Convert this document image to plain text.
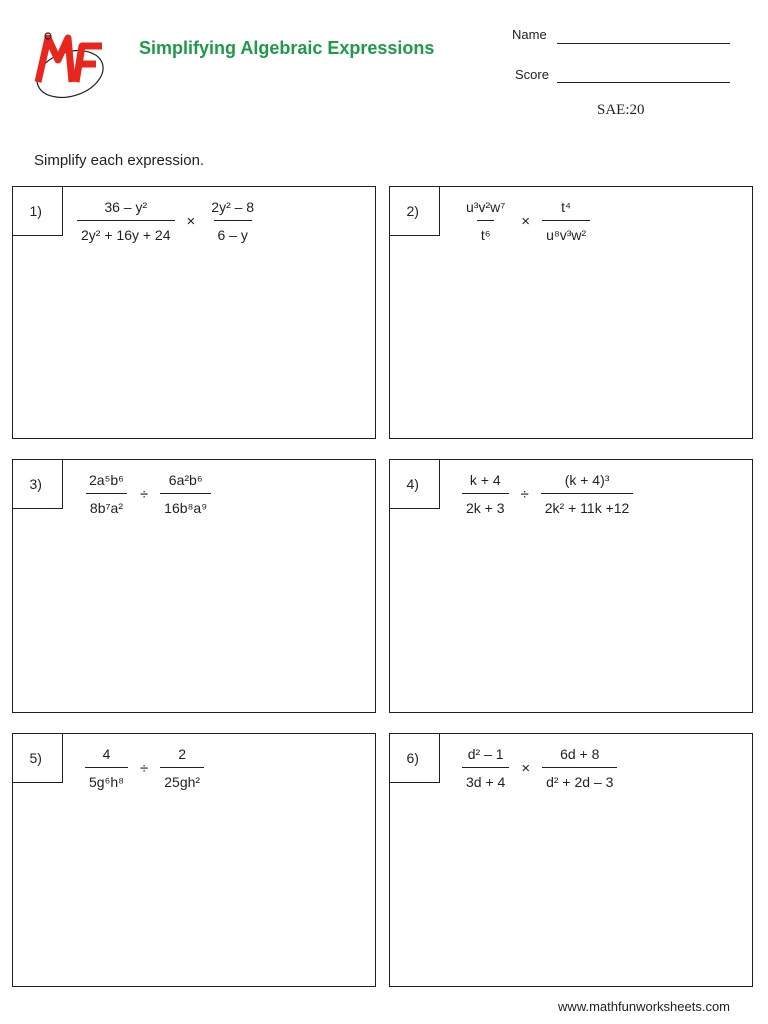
Simplifying Algebraic Expressions
Name
Score
SAE:20
Simplify each expression.
1)	$\frac{\text{36 – y²}}{\text{2y² + 16y + 24}} \times \frac{\text{2y² – 8}}{6 - y}$	2)	$\frac{\text{u³v²w⁷}}{\text{t⁶}} \times \frac{\text{t⁴}}{\text{u⁸v³w²}}$
3)	$\frac{\text{2a⁵b⁶}}{\text{8b⁷a²}} \div \frac{\text{6a²b⁶}}{\text{16b⁸a⁹}}$	4)	$\frac{k + 4}{2k + 3} \div \frac{\text{(k + 4)³}}{\text{2k² + 11k +12}}$
5)	$\frac{4}{\text{5g⁶h⁸}} \div \frac{2}{\text{25gh²}}$	6)	$\frac{\text{d² – 1}}{3d + 4} \times \frac{6d + 8}{\text{d² + 2d – 3}}$
www.mathfunworksheets.com
